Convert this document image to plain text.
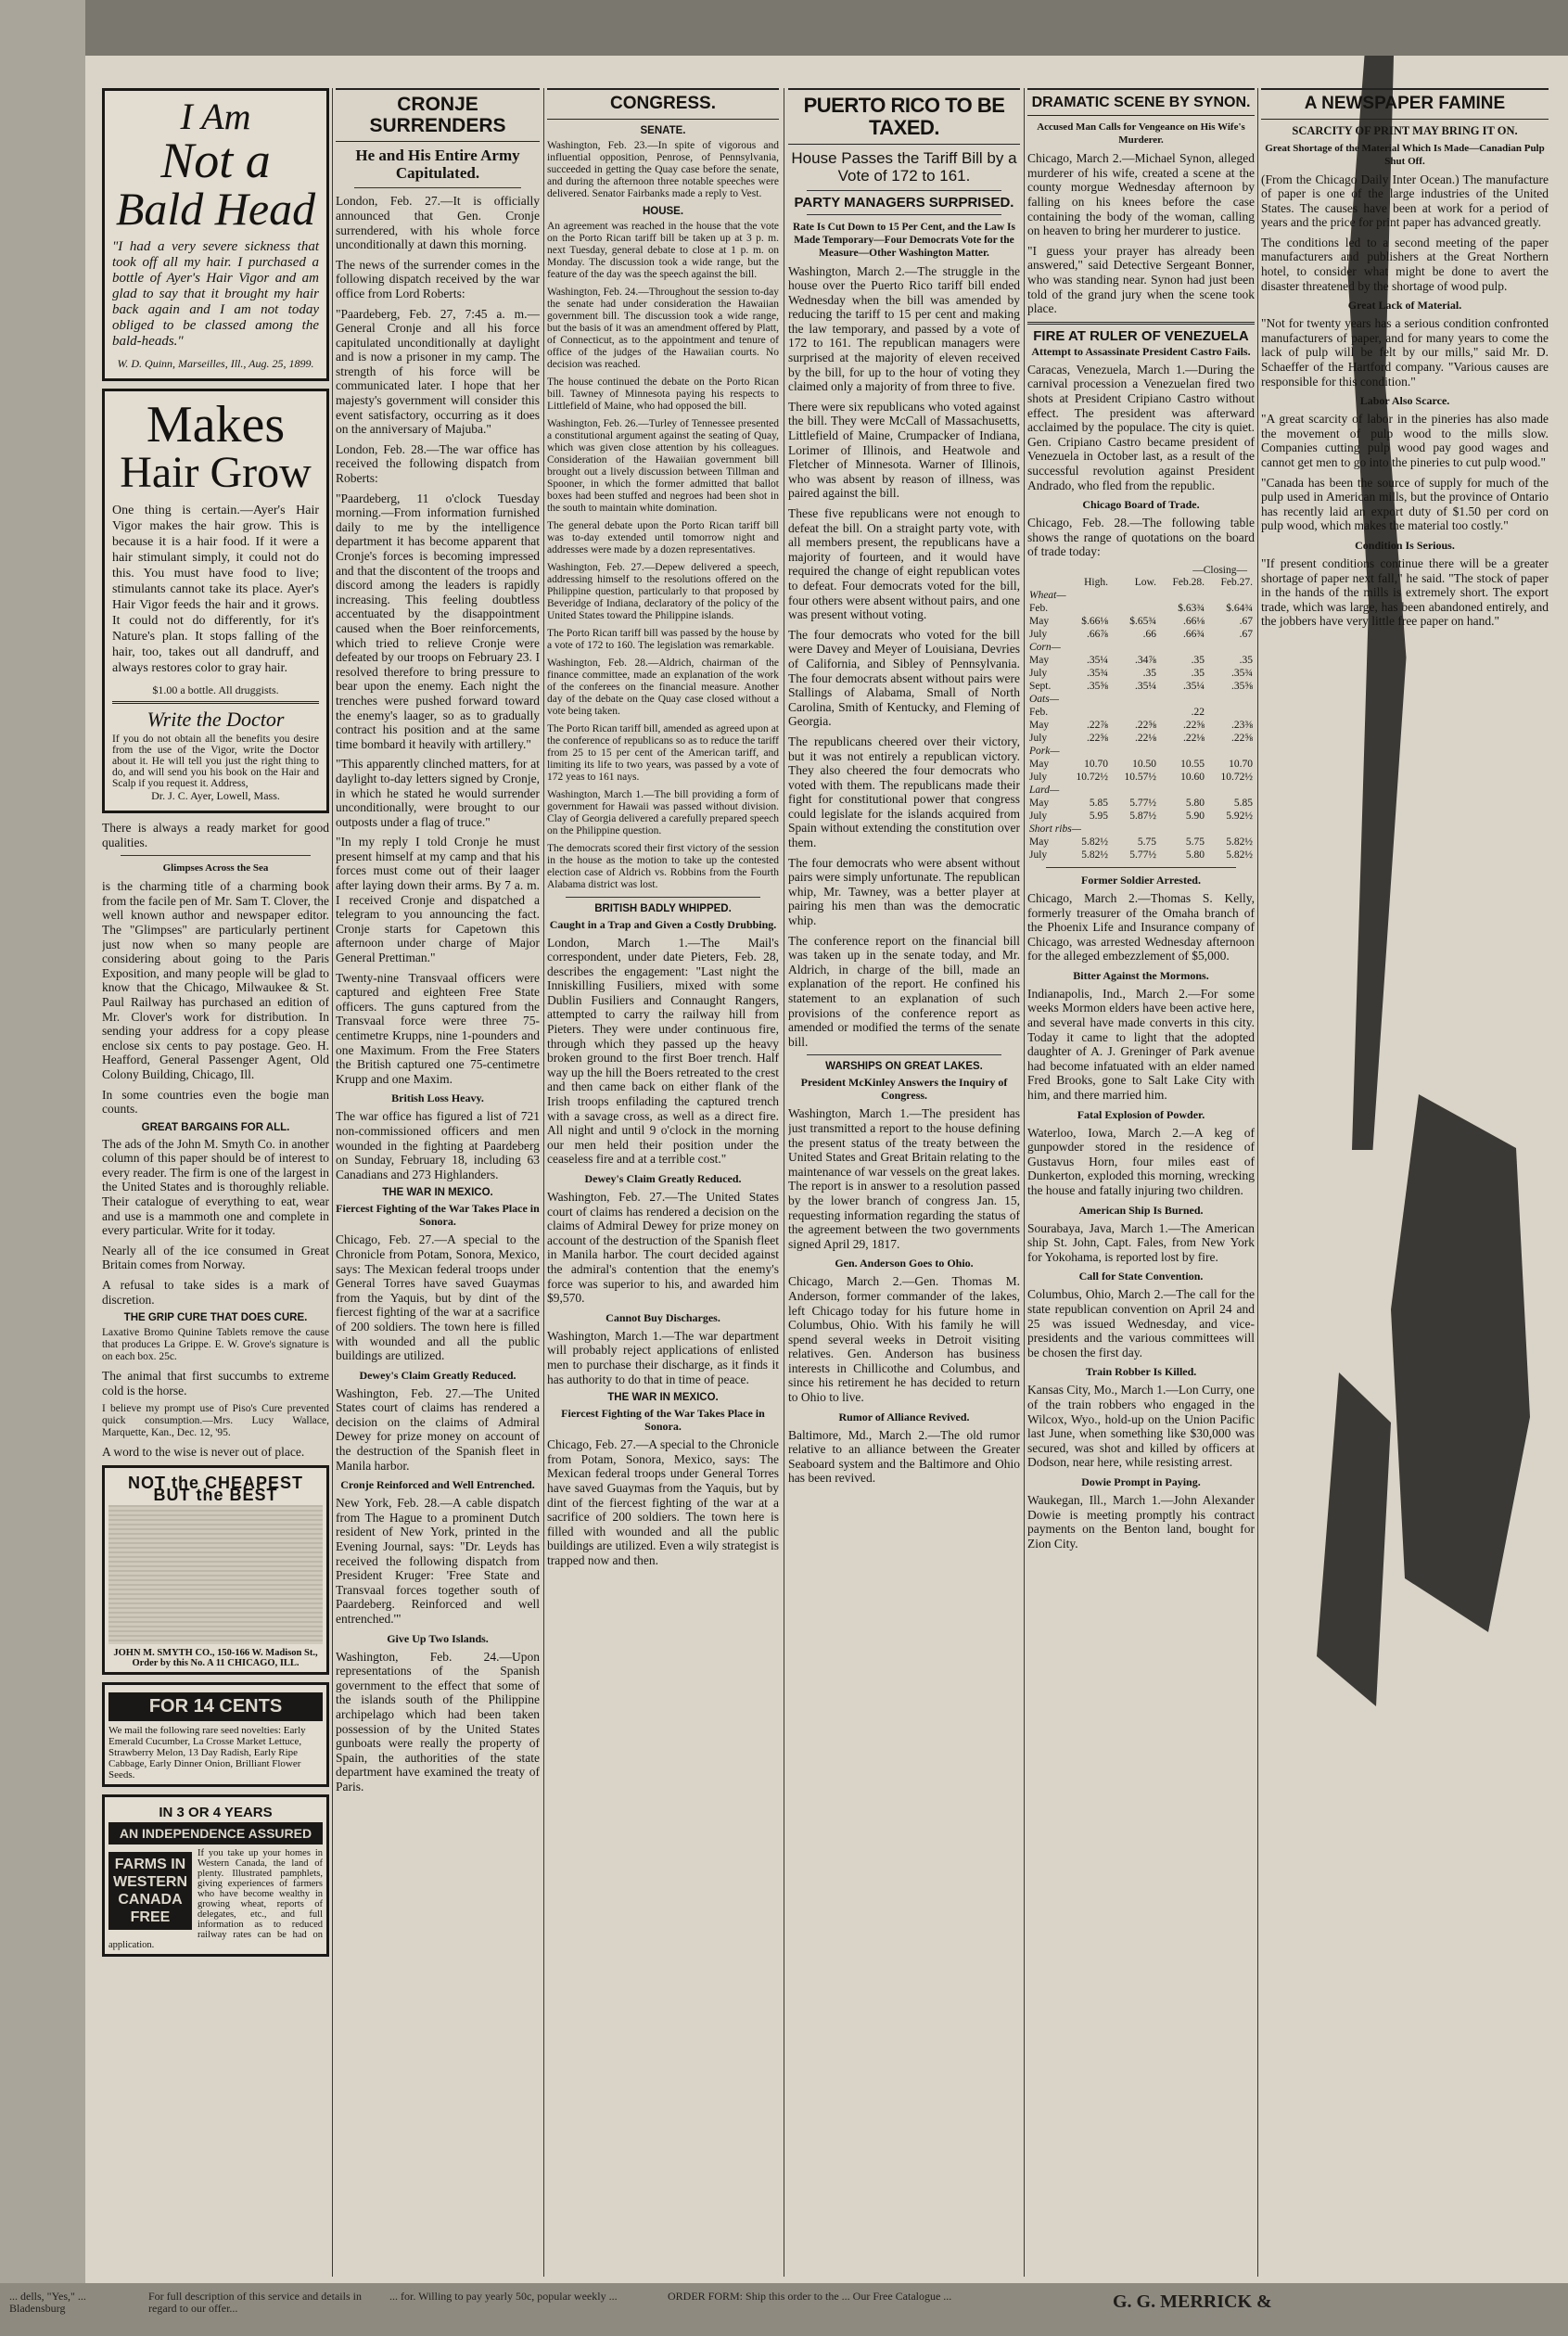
I Am
Not a
Bald Head
"I had a very severe sickness that took off all my hair. I purchased a bottle of Ayer's Hair Vigor and am glad to say that it brought my hair back again and I am not today obliged to be classed among the bald-heads."
W. D. Quinn, Marseilles, Ill., Aug. 25, 1899.
Makes
Hair Grow
One thing is certain.—Ayer's Hair Vigor makes the hair grow. This is because it is a hair food. If it were a hair stimulant simply, it could not do this. You must have food to live; stimulants cannot take its place. Ayer's Hair Vigor feeds the hair and it grows. It could not do differently, for it's Nature's plan. It stops falling of the hair, too, takes out all dandruff, and always restores color to gray hair.
$1.00 a bottle. All druggists.
Write the Doctor
If you do not obtain all the benefits you desire from the use of the Vigor, write the Doctor about it. He will tell you just the right thing to do, and will send you his book on the Hair and Scalp if you request it. Address,
Dr. J. C. Ayer, Lowell, Mass.
There is always a ready market for good qualities.
Glimpses Across the Sea
is the charming title of a charming book from the facile pen of Mr. Sam T. Clover, the well known author and newspaper editor. The "Glimpses" are particularly pertinent just now when so many people are considering about going to the Paris Exposition, and many people will be glad to know that the Chicago, Milwaukee & St. Paul Railway has purchased an edition of Mr. Clover's work for distribution. In sending your address for a copy please enclose six cents to pay postage. Geo. H. Heafford, General Passenger Agent, Old Colony Building, Chicago, Ill.
In some countries even the bogie man counts.
GREAT BARGAINS FOR ALL.
The ads of the John M. Smyth Co. in another column of this paper should be of interest to every reader. The firm is one of the largest in the United States and is thoroughly reliable. Their catalogue of everything to eat, wear and use is a mammoth one and complete in every particular. Write for it today.
Nearly all of the ice consumed in Great Britain comes from Norway.
A refusal to take sides is a mark of discretion.
THE GRIP CURE THAT DOES CURE.
Laxative Bromo Quinine Tablets remove the cause that produces La Grippe. E. W. Grove's signature is on each box. 25c.
The animal that first succumbs to extreme cold is the horse.
I believe my prompt use of Piso's Cure prevented quick consumption.—Mrs. Lucy Wallace, Marquette, Kan., Dec. 12, '95.
A word to the wise is never out of place.
NOT the CHEAPEST BUT the BEST
JOHN M. SMYTH CO., 150-166 W. Madison St., Order by this No. A 11 CHICAGO, ILL.
FOR 14 CENTS
We mail the following rare seed novelties: Early Emerald Cucumber, La Crosse Market Lettuce, Strawberry Melon, 13 Day Radish, Early Ripe Cabbage, Early Dinner Onion, Brilliant Flower Seeds.
IN 3 OR 4 YEARS
AN INDEPENDENCE ASSURED
FARMS IN WESTERN CANADA FREE
If you take up your homes in Western Canada, the land of plenty. Illustrated pamphlets, giving experiences of farmers who have become wealthy in growing wheat, reports of delegates, etc., and full information as to reduced railway rates can be had on application.
CRONJE SURRENDERS
He and His Entire Army Capitulated.
London, Feb. 27.—It is officially announced that Gen. Cronje surrendered, with his whole force unconditionally at dawn this morning.
The news of the surrender comes in the following dispatch received by the war office from Lord Roberts:
"Paardeberg, Feb. 27, 7:45 a. m.—General Cronje and all his force capitulated unconditionally at daylight and is now a prisoner in my camp. The strength of his force will be communicated later. I hope that her majesty's government will consider this event satisfactory, occurring as it does on the anniversary of Majuba."
London, Feb. 28.—The war office has received the following dispatch from Roberts:
"Paardeberg, 11 o'clock Tuesday morning.—From information furnished daily to me by the intelligence department it has become apparent that Cronje's forces is becoming impressed and that the discontent of the troops and discord among the leaders is rapidly increasing. This feeling doubtless accentuated by the disappointment caused when the Boer reinforcements, which tried to relieve Cronje were defeated by our troops on February 23. I resolved therefore to bring pressure to bear upon the enemy. Each night the trenches were pushed forward toward the enemy's laager, so as to gradually contract his position and at the same time bombard it heavily with artillery."
"This apparently clinched matters, for at daylight to-day letters signed by Cronje, in which he stated he would surrender unconditionally, were brought to our outposts under a flag of truce."
"In my reply I told Cronje he must present himself at my camp and that his forces must come out of their laager after laying down their arms. By 7 a. m. I received Cronje and dispatched a telegram to you announcing the fact. Cronje starts for Capetown this afternoon under charge of Major General Prettiman."
Twenty-nine Transvaal officers were captured and eighteen Free State officers. The guns captured from the Transvaal force were three 75-centimetre Krupps, nine 1-pounders and one Maximum. From the Free Staters the British captured one 75-centimetre Krupp and one Maxim.
British Loss Heavy.
The war office has figured a list of 721 non-commissioned officers and men wounded in the fighting at Paardeberg on Sunday, February 18, including 63 Canadians and 273 Highlanders.
THE WAR IN MEXICO.
Fiercest Fighting of the War Takes Place in Sonora.
Chicago, Feb. 27.—A special to the Chronicle from Potam, Sonora, Mexico, says: The Mexican federal troops under General Torres have saved Guaymas from the Yaquis, but by dint of the fiercest fighting of the war at a sacrifice of 200 soldiers. The town here is filled with wounded and all the public buildings are utilized.
Dewey's Claim Greatly Reduced.
Washington, Feb. 27.—The United States court of claims has rendered a decision on the claims of Admiral Dewey for prize money on account of the destruction of the Spanish fleet in Manila harbor.
Cronje Reinforced and Well Entrenched.
New York, Feb. 28.—A cable dispatch from The Hague to a prominent Dutch resident of New York, printed in the Evening Journal, says: "Dr. Leyds has received the following dispatch from President Kruger: 'Free State and Transvaal forces together south of Paardeberg. Reinforced and well entrenched.'"
Give Up Two Islands.
Washington, Feb. 24.—Upon representations of the Spanish government to the effect that some of the islands south of the Philippine archipelago which had been taken possession of by the United States gunboats were really the property of Spain, the authorities of the state department have examined the treaty of Paris.
CONGRESS.
SENATE.
Washington, Feb. 23.—In spite of vigorous and influential opposition, Penrose, of Pennsylvania, succeeded in getting the Quay case before the senate, and during the afternoon three notable speeches were delivered. Senator Fairbanks made a reply to Vest.
HOUSE.
An agreement was reached in the house that the vote on the Porto Rican tariff bill be taken up at 3 p. m. next Tuesday, general debate to close at 1 p. m. on Monday. The discussion took a wide range, but the feature of the day was the speech against the bill.
Washington, Feb. 24.—Throughout the session to-day the senate had under consideration the Hawaiian government bill. The discussion took a wide range, but the basis of it was an amendment offered by Platt, of Connecticut, as to the appointment and tenure of office of the judges of the Hawaiian courts. No decision was reached.
The house continued the debate on the Porto Rican bill. Tawney of Minnesota paying his respects to Littlefield of Maine, who had opposed the bill.
Washington, Feb. 26.—Turley of Tennessee presented a constitutional argument against the seating of Quay, which was given close attention by his colleagues. Consideration of the Hawaiian government bill brought out a lively discussion between Tillman and Spooner, in which the former admitted that ballot boxes had been stuffed and negroes had been shot in the south to maintain white domination.
The general debate upon the Porto Rican tariff bill was to-day extended until tomorrow night and addresses were made by a dozen representatives.
Washington, Feb. 27.—Depew delivered a speech, addressing himself to the resolutions offered on the Philippine question, particularly to that proposed by Beveridge of Indiana, declaratory of the policy of the United States toward the Philippine islands.
The Porto Rican tariff bill was passed by the house by a vote of 172 to 160. The legislation was remarkable.
Washington, Feb. 28.—Aldrich, chairman of the finance committee, made an explanation of the work of the conferees on the financial measure. Another day of the debate on the Quay case closed without a vote being taken.
The Porto Rican tariff bill, amended as agreed upon at the conference of republicans so as to reduce the tariff from 25 to 15 per cent of the American tariff, and limiting its life to two years, was passed by a vote of 172 yeas to 161 nays.
Washington, March 1.—The bill providing a form of government for Hawaii was passed without division. Clay of Georgia delivered a carefully prepared speech on the Philippine question.
The democrats scored their first victory of the session in the house as the motion to take up the contested election case of Aldrich vs. Robbins from the Fourth Alabama district was lost.
BRITISH BADLY WHIPPED.
Caught in a Trap and Given a Costly Drubbing.
London, March 1.—The Mail's correspondent, under date Pieters, Feb. 28, describes the engagement: "Last night the Inniskilling Fusiliers, mixed with some Dublin Fusiliers and Connaught Rangers, attempted to carry the railway hill from Pieters. They were under continuous fire, through which they passed up the heavy broken ground to the first Boer trench. Half way up the hill the Boers retreated to the crest and then came back on either flank of the Irish troops enfilading the captured trench with a savage cross, as well as a direct fire. All night and until 9 o'clock in the morning our men held their position under the ceaseless fire and at a terrible cost."
Dewey's Claim Greatly Reduced.
Washington, Feb. 27.—The United States court of claims has rendered a decision on the claims of Admiral Dewey for prize money on account of the destruction of the Spanish fleet in Manila harbor. The court decided against the admiral's contention that the enemy's force was superior to his, and awarded him $9,570.
Cannot Buy Discharges.
Washington, March 1.—The war department will probably reject applications of enlisted men to purchase their discharge, as it finds it has authority to do that in time of peace.
THE WAR IN MEXICO.
Fiercest Fighting of the War Takes Place in Sonora.
Chicago, Feb. 27.—A special to the Chronicle from Potam, Sonora, Mexico, says: The Mexican federal troops under General Torres have saved Guaymas from the Yaquis, but by dint of the fiercest fighting of the war at a sacrifice of 200 soldiers. The town here is filled with wounded and all the public buildings are utilized. Even a wily strategist is trapped now and then.
PUERTO RICO TO BE TAXED.
House Passes the Tariff Bill by a Vote of 172 to 161.
PARTY MANAGERS SURPRISED.
Rate Is Cut Down to 15 Per Cent, and the Law Is Made Temporary—Four Democrats Vote for the Measure—Other Washington Matter.
Washington, March 2.—The struggle in the house over the Puerto Rico tariff bill ended Wednesday when the bill was amended by reducing the tariff to 15 per cent and making the law temporary, and passed by a vote of 172 to 161. The republican managers were surprised at the majority of eleven received by the bill, for up to the hour of voting they claimed only a majority of from three to five.
There were six republicans who voted against the bill. They were McCall of Massachusetts, Littlefield of Maine, Crumpacker of Indiana, Lorimer of Illinois, and Heatwole and Fletcher of Minnesota. Warner of Illinois, who was absent by reason of illness, was paired against the bill.
These five republicans were not enough to defeat the bill. On a straight party vote, with all members present, the republicans have a majority of fourteen, and it would have required the change of eight republican votes to defeat. Four democrats voted for the bill, four others were absent without pairs, and one was present without voting.
The four democrats who voted for the bill were Davey and Meyer of Louisiana, Devries of California, and Sibley of Pennsylvania. The four democrats absent without pairs were Stallings of Alabama, Small of North Carolina, Smith of Kentucky, and Fleming of Georgia.
The republicans cheered over their victory, but it was not entirely a republican victory. They also cheered the four democrats who voted with them. The republicans made their fight for constitutional power that congress could legislate for the islands acquired from Spain without extending the constitution over them.
The four democrats who were absent without pairs were simply unfortunate. The republican whip, Mr. Tawney, was a better player at pairing his men than was the democratic whip.
The conference report on the financial bill was taken up in the senate today, and Mr. Aldrich, in charge of the bill, made an explanation of the report. He confined his statement to an explanation of such provisions of the conference report as amended or modified the terms of the senate bill.
WARSHIPS ON GREAT LAKES.
President McKinley Answers the Inquiry of Congress.
Washington, March 1.—The president has just transmitted a report to the house defining the present status of the treaty between the United States and Great Britain relating to the maintenance of war vessels on the great lakes. The report is in answer to a resolution passed by the lower branch of congress Jan. 15, requesting information regarding the status of the agreement between the two governments signed April 29, 1817.
Gen. Anderson Goes to Ohio.
Chicago, March 2.—Gen. Thomas M. Anderson, former commander of the lakes, left Chicago today for his future home in Columbus, Ohio. With his family he will spend several weeks in Detroit visiting relatives. Gen. Anderson has business interests in Chillicothe and Columbus, and since his retirement he has decided to return to Ohio to live.
Rumor of Alliance Revived.
Baltimore, Md., March 2.—The old rumor relative to an alliance between the Greater Seaboard system and the Baltimore and Ohio has been revived.
DRAMATIC SCENE BY SYNON.
Accused Man Calls for Vengeance on His Wife's Murderer.
Chicago, March 2.—Michael Synon, alleged murderer of his wife, created a scene at the county morgue Wednesday afternoon by falling on his knees before the case containing the body of the woman, calling on heaven to bring her murderer to justice.
"I guess your prayer has already been answered," said Detective Sergeant Bonner, who was standing near. Synon had just been told of the grand jury when the scene took place.
FIRE AT RULER OF VENEZUELA
Attempt to Assassinate President Castro Fails.
Caracas, Venezuela, March 1.—During the carnival procession a Venezuelan fired two shots at President Cripiano Castro without effect. The president was afterward acclaimed by the populace. The city is quiet. Gen. Cripiano Castro became president of Venezuela in October last, as a result of the successful revolution against President Andrado, who fled from the republic.
Chicago Board of Trade.
Chicago, Feb. 28.—The following table shows the range of quotations on the board of trade today:
—Closing—
	High.	Low.	Feb.28.	Feb.27.
Wheat—				
Feb.			$.63¾	$.64¾
May	$.66⅛	$.65¾	.66⅛	.67
July	.66⅞	.66	.66¾	.67
Corn—				
May	.35¼	.34⅞	.35	.35
July	.35¾	.35	.35	.35¾
Sept.	.35⅝	.35¼	.35¼	.35⅝
Oats—				
Feb.			.22	
May	.22⅞	.22⅝	.22⅝	.23⅜
July	.22⅝	.22⅛	.22⅛	.22⅝
Pork—				
May	10.70	10.50	10.55	10.70
July	10.72½	10.57½	10.60	10.72½
Lard—				
May	5.85	5.77½	5.80	5.85
July	5.95	5.87½	5.90	5.92½
Short ribs—				
May	5.82½	5.75	5.75	5.82½
July	5.82½	5.77½	5.80	5.82½
Former Soldier Arrested.
Chicago, March 2.—Thomas S. Kelly, formerly treasurer of the Omaha branch of the Phoenix Life and Insurance company of Chicago, was arrested Wednesday afternoon for the alleged embezzlement of $5,000.
Bitter Against the Mormons.
Indianapolis, Ind., March 2.—For some weeks Mormon elders have been active here, and several have made converts in this city. Today it came to light that the adopted daughter of A. J. Greninger of Park avenue had become infatuated with an elder named Fred Brooks, gone to Salt Lake City with him, and there married him.
Fatal Explosion of Powder.
Waterloo, Iowa, March 2.—A keg of gunpowder stored in the residence of Gustavus Horn, four miles east of Dunkerton, exploded this morning, wrecking the house and fatally injuring two children.
American Ship Is Burned.
Sourabaya, Java, March 1.—The American ship St. John, Capt. Fales, from New York for Yokohama, is reported lost by fire.
Call for State Convention.
Columbus, Ohio, March 2.—The call for the state republican convention on April 24 and 25 was issued Wednesday, and vice-presidents and the various committees will be chosen the first day.
Train Robber Is Killed.
Kansas City, Mo., March 1.—Lon Curry, one of the train robbers who engaged in the Wilcox, Wyo., hold-up on the Union Pacific last June, when something like $30,000 was secured, was shot and killed by officers at Dodson, near here, while resisting arrest.
Dowie Prompt in Paying.
Waukegan, Ill., March 1.—John Alexander Dowie is meeting promptly his contract payments on the Benton land, bought for Zion City.
A NEWSPAPER FAMINE
SCARCITY OF PRINT MAY BRING IT ON.
Great Shortage of the Material Which Is Made—Canadian Pulp Shut Off.
(From the Chicago Daily Inter Ocean.) The manufacture of paper is one of the large industries of the United States. The causes have been at work for a period of years and the price for print paper has advanced greatly.
The conditions led to a second meeting of the paper manufacturers and publishers at the Great Northern hotel, to consider what might be done to avert the disaster threatened by the shortage of wood pulp.
Great Lack of Material.
"Not for twenty years has a serious condition confronted manufacturers of paper, and for many years to come the lack of pulp will be felt by our mills," said Mr. D. Schaeffer of the Hartford company. "Various causes are responsible for this condition."
Labor Also Scarce.
"A great scarcity of labor in the pineries has also made the movement of pulp wood to the mills slow. Companies cutting pulp wood pay good wages and cannot get men to go into the pineries to cut pulp wood."
"Canada has been the source of supply for much of the pulp used in American mills, but the province of Ontario has recently laid an export duty of $1.50 per cord on pulp wood, which makes the material too costly."
Condition Is Serious.
"If present conditions continue there will be a greater shortage of paper next fall," he said. "The stock of paper in the hands of the mills is extremely short. The export trade, which was large, has been abandoned entirely, and the jobbers have very little free paper on hand."
... dells, "Yes," ... Bladensburg
For full description of this service and details in regard to our offer...
... for. Willing to pay yearly 50c, popular weekly ...	ORDER FORM: Ship this order to the ... Our Free Catalogue ...	G. G. MERRICK &
